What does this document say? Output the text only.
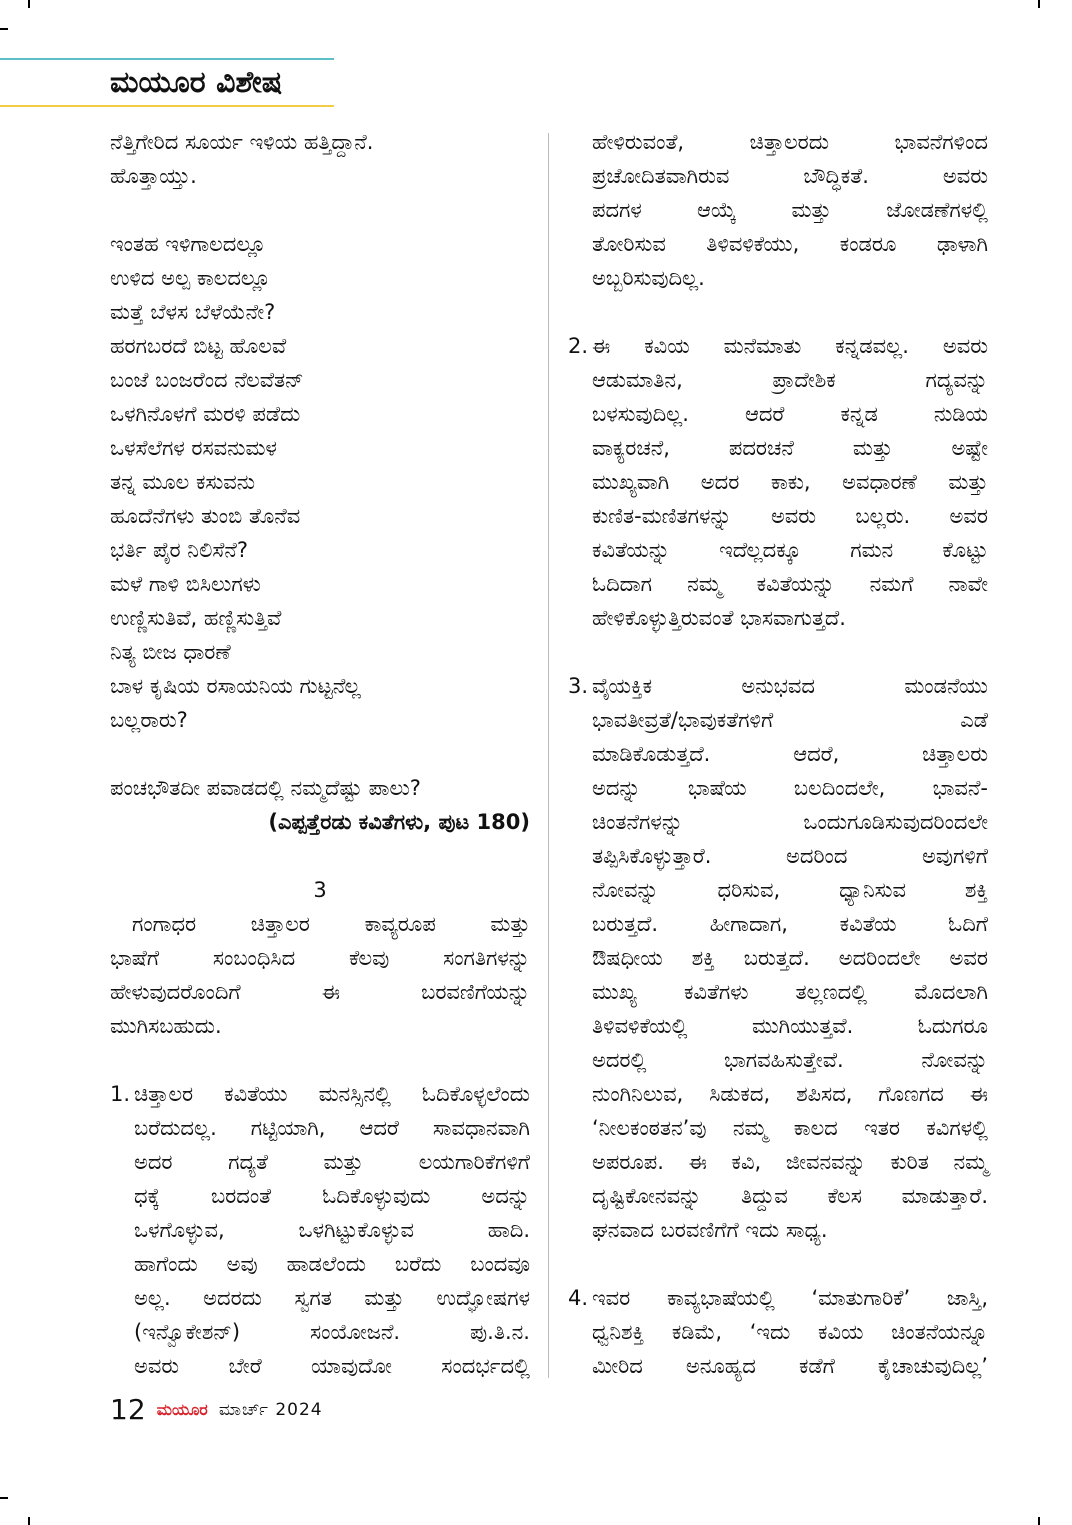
ಮಯೂರ ವಿಶೇಷ
ನೆತ್ತಿಗೇರಿದ ಸೂರ್ಯ ಇಳಿಯ ಹತ್ತಿದ್ದಾನೆ.
ಹೊತ್ತಾಯ್ತು.
ಇಂತಹ ಇಳಿಗಾಲದಲ್ಲೂ
ಉಳಿದ ಅಲ್ಪ ಕಾಲದಲ್ಲೂ
ಮತ್ತೆ ಬೆಳಸ ಬೆಳೆಯೆನೇ?
ಹರಗಬರದೆ ಬಿಟ್ಟ ಹೊಲವೆ
ಬಂಜೆ ಬಂಜರೆಂದ ನೆಲವೆತನ್
ಒಳಗಿನೊಳಗೆ ಮರಳಿ ಪಡೆದು
ಒಳಸೆಲೆಗಳ ರಸವನುಮಳ
ತನ್ನ ಮೂಲ ಕಸುವನು
ಹೂದೆನೆಗಳು ತುಂಬಿ ತೊನೆವ
ಭರ್ತಿ ಪೈರ ನಿಲಿಸೆನೆ?
ಮಳೆ ಗಾಳಿ ಬಿಸಿಲುಗಳು
ಉಣ್ಣಿಸುತಿವೆ, ಹಣ್ಣಿಸುತ್ತಿವೆ
ನಿತ್ಯ ಬೀಜ ಧಾರಣೆ
ಬಾಳ ಕೃಷಿಯ ರಸಾಯನಿಯ ಗುಟ್ಟನೆಲ್ಲ
ಬಲ್ಲರಾರು?
ಪಂಚಭೌತದೀ ಪವಾಡದಲ್ಲಿ ನಮ್ಮದೆಷ್ಟು ಪಾಲು?
(ಎಪ್ಪತ್ತೆರಡು ಕವಿತೆಗಳು, ಪುಟ 180)
3
ಗಂಗಾಧರ ಚಿತ್ತಾಲರ ಕಾವ್ಯರೂಪ ಮತ್ತು
ಭಾಷೆಗೆ ಸಂಬಂಧಿಸಿದ ಕೆಲವು ಸಂಗತಿಗಳನ್ನು
ಹೇಳುವುದರೊಂದಿಗೆ ಈ ಬರವಣಿಗೆಯನ್ನು
ಮುಗಿಸಬಹುದು.
1. ಚಿತ್ತಾಲರ ಕವಿತೆಯು ಮನಸ್ಸಿನಲ್ಲಿ ಓದಿಕೊಳ್ಳಲೆಂದು
ಬರೆದುದಲ್ಲ. ಗಟ್ಟಿಯಾಗಿ, ಆದರೆ ಸಾವಧಾನವಾಗಿ
ಅದರ ಗದ್ಯತೆ ಮತ್ತು ಲಯಗಾರಿಕೆಗಳಿಗೆ
ಧಕ್ಕೆ ಬರದಂತೆ ಓದಿಕೊಳ್ಳುವುದು ಅದನ್ನು
ಒಳಗೊಳ್ಳುವ, ಒಳಗಿಟ್ಟುಕೊಳ್ಳುವ ಹಾದಿ.
ಹಾಗೆಂದು ಅವು ಹಾಡಲೆಂದು ಬರೆದು ಬಂದವೂ
ಅಲ್ಲ. ಅದರದು ಸ್ವಗತ ಮತ್ತು ಉದ್ಘೋಷಗಳ
(ಇನ್ವೊಕೇಶನ್) ಸಂಯೋಜನೆ. ಪು.ತಿ.ನ.
ಅವರು ಬೇರೆ ಯಾವುದೋ ಸಂದರ್ಭದಲ್ಲಿ
ಹೇಳಿರುವಂತೆ, ಚಿತ್ತಾಲರದು ಭಾವನೆಗಳಿಂದ
ಪ್ರಚೋದಿತವಾಗಿರುವ ಬೌದ್ಧಿಕತೆ. ಅವರು
ಪದಗಳ ಆಯ್ಕೆ ಮತ್ತು ಜೋಡಣೆಗಳಲ್ಲಿ
ತೋರಿಸುವ ತಿಳಿವಳಿಕೆಯು, ಕಂಡರೂ ಢಾಳಾಗಿ
ಅಬ್ಬರಿಸುವುದಿಲ್ಲ.
2. ಈ ಕವಿಯ ಮನೆಮಾತು ಕನ್ನಡವಲ್ಲ. ಅವರು
ಆಡುಮಾತಿನ, ಪ್ರಾದೇಶಿಕ ಗದ್ಯವನ್ನು
ಬಳಸುವುದಿಲ್ಲ. ಆದರೆ ಕನ್ನಡ ನುಡಿಯ
ವಾಕ್ಯರಚನೆ, ಪದರಚನೆ ಮತ್ತು ಅಷ್ಟೇ
ಮುಖ್ಯವಾಗಿ ಅದರ ಕಾಕು, ಅವಧಾರಣೆ ಮತ್ತು
ಕುಣಿತ-ಮಣಿತಗಳನ್ನು ಅವರು ಬಲ್ಲರು. ಅವರ
ಕವಿತೆಯನ್ನು ಇದೆಲ್ಲದಕ್ಕೂ ಗಮನ ಕೊಟ್ಟು
ಓದಿದಾಗ ನಮ್ಮ ಕವಿತೆಯನ್ನು ನಮಗೆ ನಾವೇ
ಹೇಳಿಕೊಳ್ಳುತ್ತಿರುವಂತೆ ಭಾಸವಾಗುತ್ತದೆ.
3. ವೈಯಕ್ತಿಕ ಅನುಭವದ ಮಂಡನೆಯು
ಭಾವತೀವ್ರತೆ/ಭಾವುಕತೆಗಳಿಗೆ ಎಡೆ
ಮಾಡಿಕೊಡುತ್ತದೆ. ಆದರೆ, ಚಿತ್ತಾಲರು
ಅದನ್ನು ಭಾಷೆಯ ಬಲದಿಂದಲೇ, ಭಾವನೆ-
ಚಿಂತನೆಗಳನ್ನು ಒಂದುಗೂಡಿಸುವುದರಿಂದಲೇ
ತಪ್ಪಿಸಿಕೊಳ್ಳುತ್ತಾರೆ. ಅದರಿಂದ ಅವುಗಳಿಗೆ
ನೋವನ್ನು ಧರಿಸುವ, ಧ್ಯಾನಿಸುವ ಶಕ್ತಿ
ಬರುತ್ತದೆ. ಹೀಗಾದಾಗ, ಕವಿತೆಯ ಓದಿಗೆ
ಔಷಧೀಯ ಶಕ್ತಿ ಬರುತ್ತದೆ. ಅದರಿಂದಲೇ ಅವರ
ಮುಖ್ಯ ಕವಿತೆಗಳು ತಲ್ಲಣದಲ್ಲಿ ಮೊದಲಾಗಿ
ತಿಳಿವಳಿಕೆಯಲ್ಲಿ ಮುಗಿಯುತ್ತವೆ. ಓದುಗರೂ
ಅದರಲ್ಲಿ ಭಾಗವಹಿಸುತ್ತೇವೆ. ನೋವನ್ನು
ನುಂಗಿನಿಲುವ, ಸಿಡುಕದ, ಶಪಿಸದ, ಗೊಣಗದ ಈ
‘ನೀಲಕಂಠತನ’ವು ನಮ್ಮ ಕಾಲದ ಇತರ ಕವಿಗಳಲ್ಲಿ
ಅಪರೂಪ. ಈ ಕವಿ, ಜೀವನವನ್ನು ಕುರಿತ ನಮ್ಮ
ದೃಷ್ಟಿಕೋನವನ್ನು ತಿದ್ದುವ ಕೆಲಸ ಮಾಡುತ್ತಾರೆ.
ಘನವಾದ ಬರವಣಿಗೆಗೆ ಇದು ಸಾಧ್ಯ.
4. ಇವರ ಕಾವ್ಯಭಾಷೆಯಲ್ಲಿ ‘ಮಾತುಗಾರಿಕೆ’ ಜಾಸ್ತಿ,
ಧ್ವನಿಶಕ್ತಿ ಕಡಿಮೆ, ‘ಇದು ಕವಿಯ ಚಿಂತನೆಯನ್ನೂ
ಮೀರಿದ ಅನೂಹ್ಯದ ಕಡೆಗೆ ಕೈಚಾಚುವುದಿಲ್ಲ’
12 ಮಯೂರ ಮಾರ್ಚ್ 2024
